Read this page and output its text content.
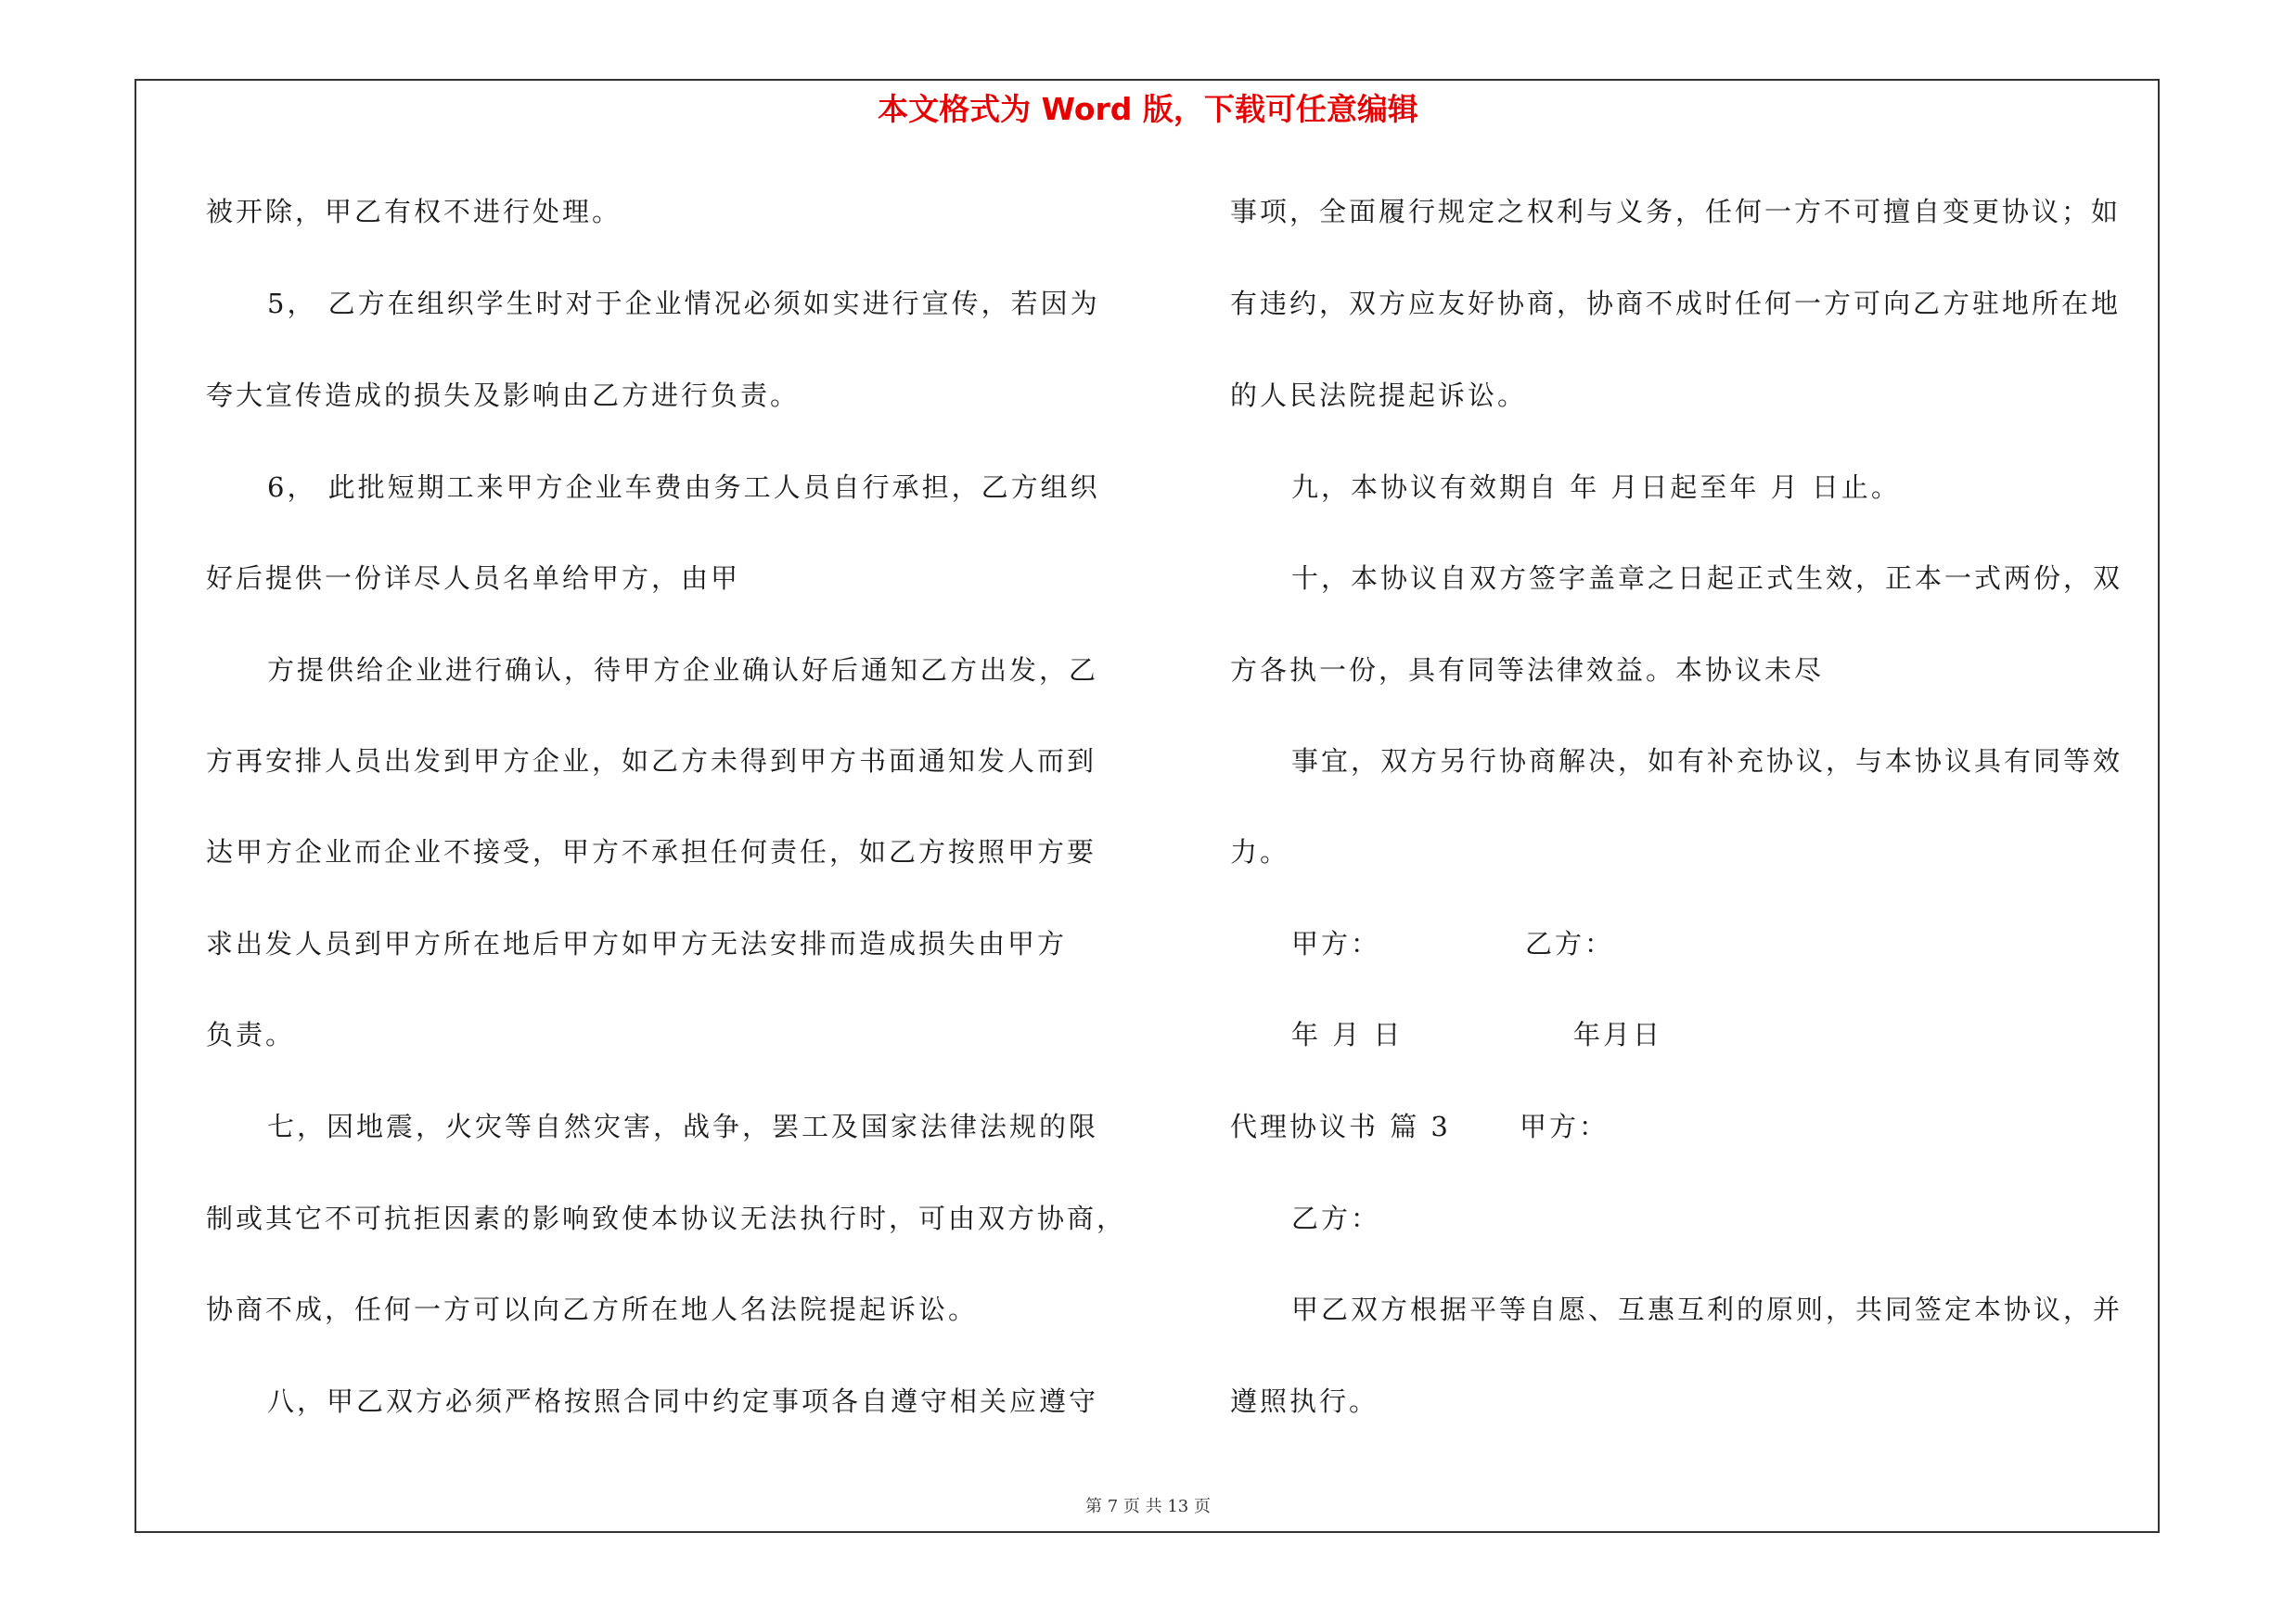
本文格式为 Word 版，下载可任意编辑
被开除，甲乙有权不进行处理。
5， 乙方在组织学生时对于企业情况必须如实进行宣传，若因为
夸大宣传造成的损失及影响由乙方进行负责。
6， 此批短期工来甲方企业车费由务工人员自行承担，乙方组织
好后提供一份详尽人员名单给甲方，由甲
方提供给企业进行确认，待甲方企业确认好后通知乙方出发，乙
方再安排人员出发到甲方企业，如乙方未得到甲方书面通知发人而到
达甲方企业而企业不接受，甲方不承担任何责任，如乙方按照甲方要
求出发人员到甲方所在地后甲方如甲方无法安排而造成损失由甲方
负责。
七，因地震，火灾等自然灾害，战争，罢工及国家法律法规的限
制或其它不可抗拒因素的影响致使本协议无法执行时，可由双方协商，
协商不成，任何一方可以向乙方所在地人名法院提起诉讼。
八，甲乙双方必须严格按照合同中约定事项各自遵守相关应遵守
事项，全面履行规定之权利与义务，任何一方不可擅自变更协议；如
有违约，双方应友好协商，协商不成时任何一方可向乙方驻地所在地
的人民法院提起诉讼。
九，本协议有效期自 年 月日起至年 月 日止。
十，本协议自双方签字盖章之日起正式生效，正本一式两份，双
方各执一份，具有同等法律效益。本协议未尽
事宜，双方另行协商解决，如有补充协议，与本协议具有同等效
力。
甲方：	乙方：
年 月 日	年月日
代理协议书 篇 3	甲方：
乙方：
甲乙双方根据平等自愿、互惠互利的原则，共同签定本协议，并
遵照执行。
第 7 页 共 13 页
